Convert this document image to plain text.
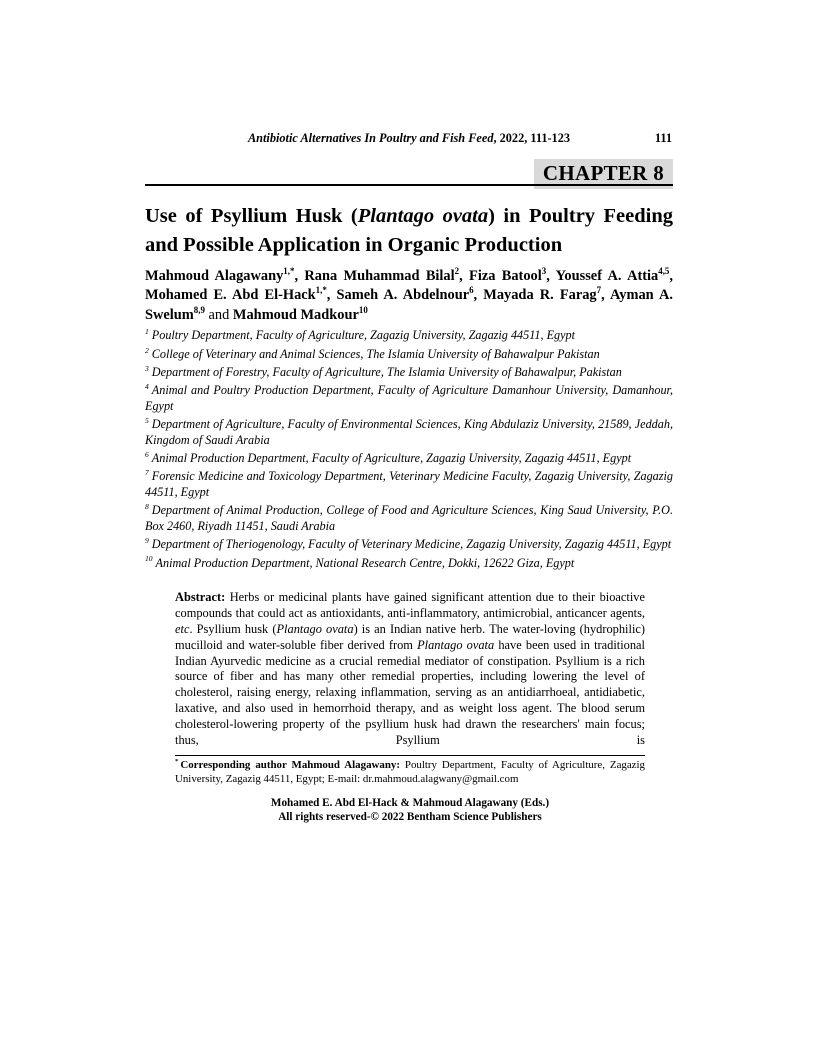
Antibiotic Alternatives In Poultry and Fish Feed, 2022, 111-123	111
CHAPTER 8
Use of Psyllium Husk (Plantago ovata) in Poultry Feeding and Possible Application in Organic Production

Mahmoud Alagawany$^{1,*}$, Rana Muhammad Bilal$^2$, Fiza Batool$^3$, Youssef A. Attia$^{4,5}$, Mohamed E. Abd El-Hack$^{1,*}$, Sameh A. Abdelnour$^6$, Mayada R. Farag$^7$, Ayman A. Swelum$^{8,9}$ and Mahmoud Madkour$^{10}$

$^1$ Poultry Department, Faculty of Agriculture, Zagazig University, Zagazig 44511, Egypt

$^2$ College of Veterinary and Animal Sciences, The Islamia University of Bahawalpur Pakistan

$^3$ Department of Forestry, Faculty of Agriculture, The Islamia University of Bahawalpur, Pakistan

$^4$ Animal and Poultry Production Department, Faculty of Agriculture Damanhour University, Damanhour, Egypt

$^5$ Department of Agriculture, Faculty of Environmental Sciences, King Abdulaziz University, 21589, Jeddah, Kingdom of Saudi Arabia

$^6$ Animal Production Department, Faculty of Agriculture, Zagazig University, Zagazig 44511, Egypt

$^7$ Forensic Medicine and Toxicology Department, Veterinary Medicine Faculty, Zagazig University, Zagazig 44511, Egypt

$^8$ Department of Animal Production, College of Food and Agriculture Sciences, King Saud University, P.O. Box 2460, Riyadh 11451, Saudi Arabia

$^9$ Department of Theriogenology, Faculty of Veterinary Medicine, Zagazig University, Zagazig 44511, Egypt

$^{10}$ Animal Production Department, National Research Centre, Dokki, 12622 Giza, Egypt

Abstract: Herbs or medicinal plants have gained significant attention due to their bioactive compounds that could act as antioxidants, anti-inflammatory, antimicrobial, anticancer agents, etc. Psyllium husk (Plantago ovata) is an Indian native herb. The water-loving (hydrophilic) mucilloid and water-soluble fiber derived from Plantago ovata have been used in traditional Indian Ayurvedic medicine as a crucial remedial mediator of constipation. Psyllium is a rich source of fiber and has many other remedial properties, including lowering the level of cholesterol, raising energy, relaxing inflammation, serving as an antidiarrhoeal, antidiabetic, laxative, and also used in hemorrhoid therapy, and as weight loss agent. The blood serum cholesterol-lowering property of the psyllium husk had drawn the researchers' main focus; thus, Psyllium is

* Corresponding author Mahmoud Alagawany: Poultry Department, Faculty of Agriculture, Zagazig University, Zagazig 44511, Egypt; E-mail: dr.mahmoud.alagwany@gmail.com
Mohamed E. Abd El-Hack & Mahmoud Alagawany (Eds.)
All rights reserved-© 2022 Bentham Science Publishers
